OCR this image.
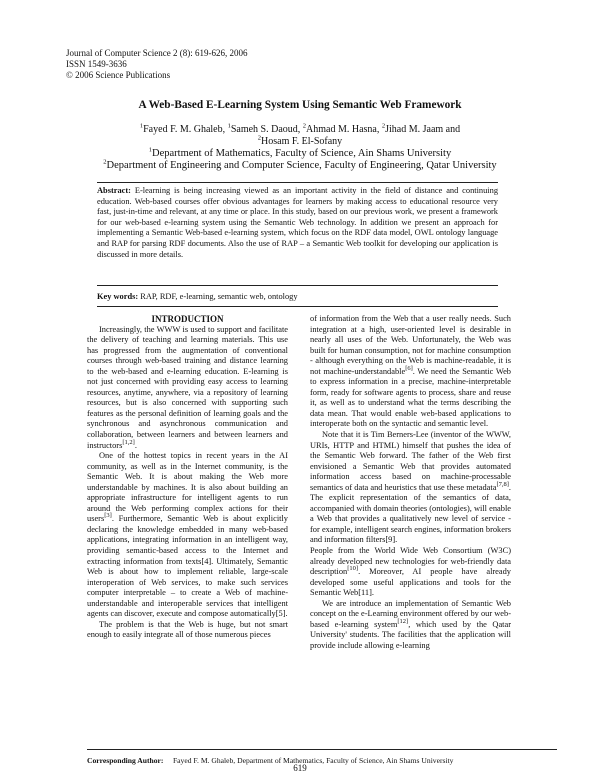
Journal of Computer Science 2 (8): 619-626, 2006
ISSN 1549-3636
© 2006 Science Publications
A Web-Based E-Learning System Using Semantic Web Framework
$^1$Fayed F. M. Ghaleb, $^1$Sameh S. Daoud, $^2$Ahmad M. Hasna, $^2$Jihad M. Jaam and
$^2$Hosam F. El-Sofany
$^1$Department of Mathematics, Faculty of Science, Ain Shams University
$^2$Department of Engineering and Computer Science, Faculty of Engineering, Qatar University
Abstract: E-learning is being increasing viewed as an important activity in the field of distance and continuing education. Web-based courses offer obvious advantages for learners by making access to educational resource very fast, just-in-time and relevant, at any time or place. In this study, based on our previous work, we present a framework for our web-based e-learning system using the Semantic Web technology. In addition we present an approach for implementing a Semantic Web-based e-learning system, which focus on the RDF data model, OWL ontology language and RAP for parsing RDF documents. Also the use of RAP – a Semantic Web toolkit for developing our application is discussed in more details.
Key words: RAP, RDF, e-learning, semantic web, ontology

INTRODUCTION

Increasingly, the WWW is used to support and facilitate the delivery of teaching and learning materials. This use has progressed from the augmentation of conventional courses through web-based training and distance learning to the web-based and e-learning education. E-learning is not just concerned with providing easy access to learning resources, anytime, anywhere, via a repository of learning resources, but is also concerned with supporting such features as the personal definition of learning goals and the synchronous and asynchronous communication and collaboration, between learners and between learners and instructors[1,2].

One of the hottest topics in recent years in the AI community, as well as in the Internet community, is the Semantic Web. It is about making the Web more understandable by machines. It is also about building an appropriate infrastructure for intelligent agents to run around the Web performing complex actions for their users[3]. Furthermore, Semantic Web is about explicitly declaring the knowledge embedded in many web-based applications, integrating information in an intelligent way, providing semantic-based access to the Internet and extracting information from texts[4]. Ultimately, Semantic Web is about how to implement reliable, large-scale interoperation of Web services, to make such services computer interpretable – to create a Web of machine-understandable and interoperable services that intelligent agents can discover, execute and compose automatically[5].

The problem is that the Web is huge, but not smart enough to easily integrate all of those numerous pieces

of information from the Web that a user really needs. Such integration at a high, user-oriented level is desirable in nearly all uses of the Web. Unfortunately, the Web was built for human consumption, not for machine consumption - although everything on the Web is machine-readable, it is not machine-understandable[6]. We need the Semantic Web to express information in a precise, machine-interpretable form, ready for software agents to process, share and reuse it, as well as to understand what the terms describing the data mean. That would enable web-based applications to interoperate both on the syntactic and semantic level.

Note that it is Tim Berners-Lee (inventor of the WWW, URIs, HTTP and HTML) himself that pushes the idea of the Semantic Web forward. The father of the Web first envisioned a Semantic Web that provides automated information access based on machine-processable semantics of data and heuristics that use these metadata[7,8]. The explicit representation of the semantics of data, accompanied with domain theories (ontologies), will enable a Web that provides a qualitatively new level of service - for example, intelligent search engines, information brokers and information filters[9].

People from the World Wide Web Consortium (W3C) already developed new technologies for web-friendly data description[10]. Moreover, AI people have already developed some useful applications and tools for the Semantic Web[11].

We are introduce an implementation of Semantic Web concept on the e-Learning environment offered by our web-based e-learning system[12], which used by the Qatar University' students. The facilities that the application will provide include allowing e-learning

Corresponding Author: Fayed F. M. Ghaleb, Department of Mathematics, Faculty of Science, Ain Shams University
619
